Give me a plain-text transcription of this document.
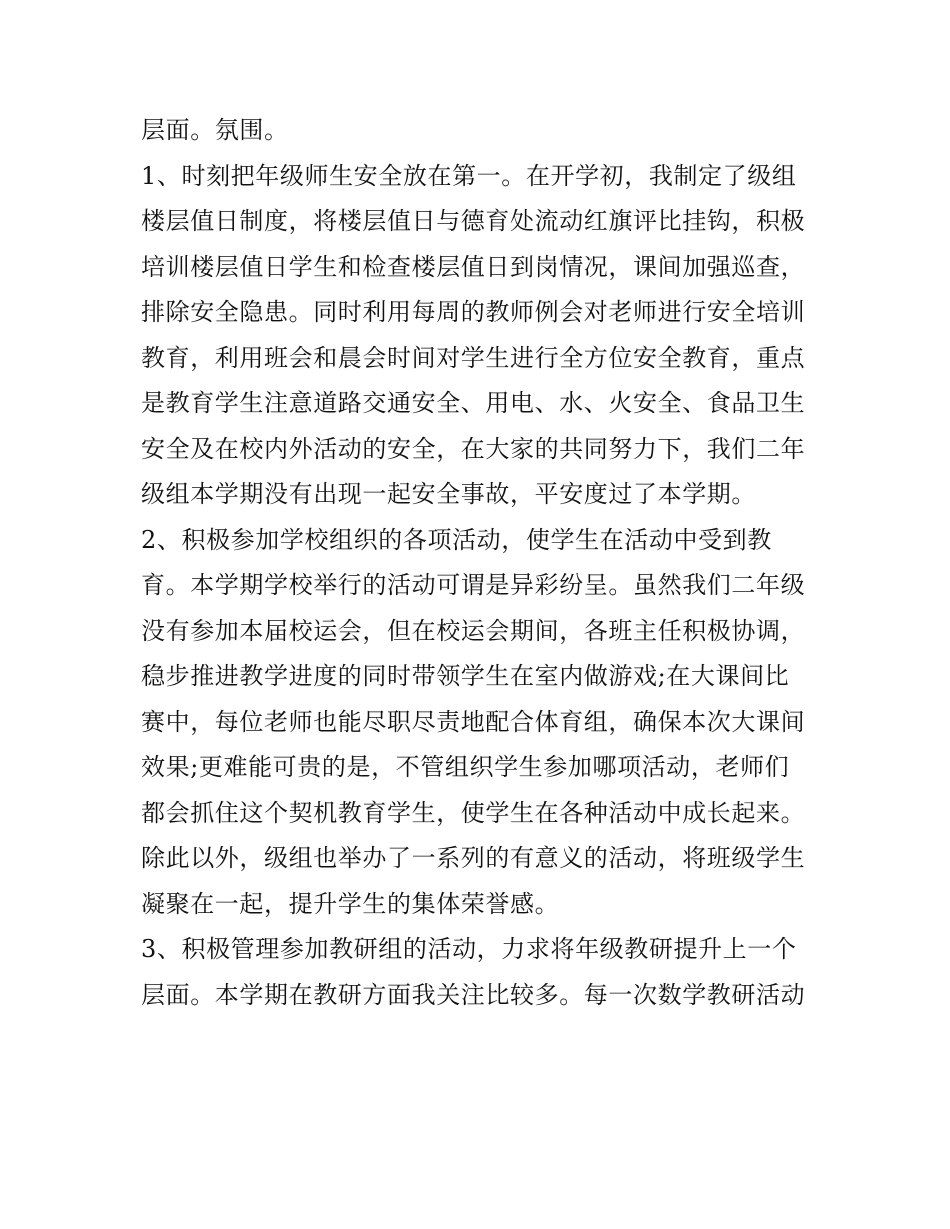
层面。氛围。
1、时刻把年级师生安全放在第一。在开学初，我制定了级组
楼层值日制度，将楼层值日与德育处流动红旗评比挂钩，积极
培训楼层值日学生和检查楼层值日到岗情况，课间加强巡查，
排除安全隐患。同时利用每周的教师例会对老师进行安全培训
教育，利用班会和晨会时间对学生进行全方位安全教育，重点
是教育学生注意道路交通安全、用电、水、火安全、食品卫生
安全及在校内外活动的安全，在大家的共同努力下，我们二年
级组本学期没有出现一起安全事故，平安度过了本学期。
2、积极参加学校组织的各项活动，使学生在活动中受到教
育。本学期学校举行的活动可谓是异彩纷呈。虽然我们二年级
没有参加本届校运会，但在校运会期间，各班主任积极协调，
稳步推进教学进度的同时带领学生在室内做游戏;在大课间比
赛中，每位老师也能尽职尽责地配合体育组，确保本次大课间
效果;更难能可贵的是，不管组织学生参加哪项活动，老师们
都会抓住这个契机教育学生，使学生在各种活动中成长起来。
除此以外，级组也举办了一系列的有意义的活动，将班级学生
凝聚在一起，提升学生的集体荣誉感。
3、积极管理参加教研组的活动，力求将年级教研提升上一个
层面。本学期在教研方面我关注比较多。每一次数学教研活动
